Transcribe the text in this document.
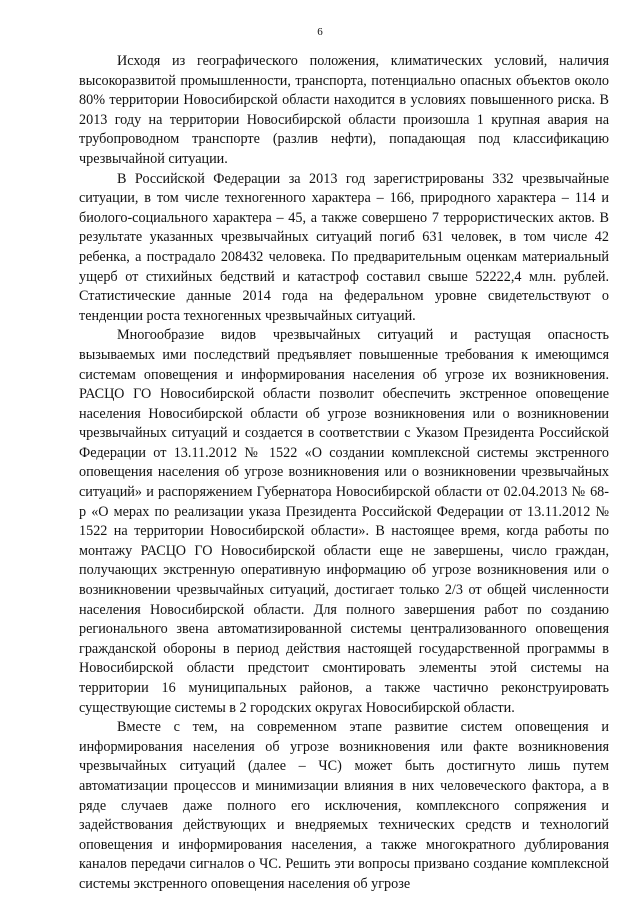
6

Исходя из географического положения, климатических условий, наличия высокоразвитой промышленности, транспорта, потенциально опасных объектов около 80% территории Новосибирской области находится в условиях повышенного риска. В 2013 году на территории Новосибирской области произошла 1 крупная авария на трубопроводном транспорте (разлив нефти), попадающая под классификацию чрезвычайной ситуации.

В Российской Федерации за 2013 год зарегистрированы 332 чрезвычайные ситуации, в том числе техногенного характера – 166, природного характера – 114 и биолого-социального характера – 45, а также совершено 7 террористических актов. В результате указанных чрезвычайных ситуаций погиб 631 человек, в том числе 42 ребенка, а пострадало 208432 человека. По предварительным оценкам материальный ущерб от стихийных бедствий и катастроф составил свыше 52222,4 млн. рублей. Статистические данные 2014 года на федеральном уровне свидетельствуют о тенденции роста техногенных чрезвычайных ситуаций.

Многообразие видов чрезвычайных ситуаций и растущая опасность вызываемых ими последствий предъявляет повышенные требования к имеющимся системам оповещения и информирования населения об угрозе их возникновения. РАСЦО ГО Новосибирской области позволит обеспечить экстренное оповещение населения Новосибирской области об угрозе возникновения или о возникновении чрезвычайных ситуаций и создается в соответствии с Указом Президента Российской Федерации от 13.11.2012 № 1522 «О создании комплексной системы экстренного оповещения населения об угрозе возникновения или о возникновении чрезвычайных ситуаций» и распоряжением Губернатора Новосибирской области от 02.04.2013 № 68-р «О мерах по реализации указа Президента Российской Федерации от 13.11.2012 № 1522 на территории Новосибирской области». В настоящее время, когда работы по монтажу РАСЦО ГО Новосибирской области еще не завершены, число граждан, получающих экстренную оперативную информацию об угрозе возникновения или о возникновении чрезвычайных ситуаций, достигает только 2/3 от общей численности населения Новосибирской области. Для полного завершения работ по созданию регионального звена автоматизированной системы централизованного оповещения гражданской обороны в период действия настоящей государственной программы в Новосибирской области предстоит смонтировать элементы этой системы на территории 16 муниципальных районов, а также частично реконструировать существующие системы в 2 городских округах Новосибирской области.

Вместе с тем, на современном этапе развитие систем оповещения и информирования населения об угрозе возникновения или факте возникновения чрезвычайных ситуаций (далее – ЧС) может быть достигнуто лишь путем автоматизации процессов и минимизации влияния в них человеческого фактора, а в ряде случаев даже полного его исключения, комплексного сопряжения и задействования действующих и внедряемых технических средств и технологий оповещения и информирования населения, а также многократного дублирования каналов передачи сигналов о ЧС. Решить эти вопросы призвано создание комплексной системы экстренного оповещения населения об угрозе
